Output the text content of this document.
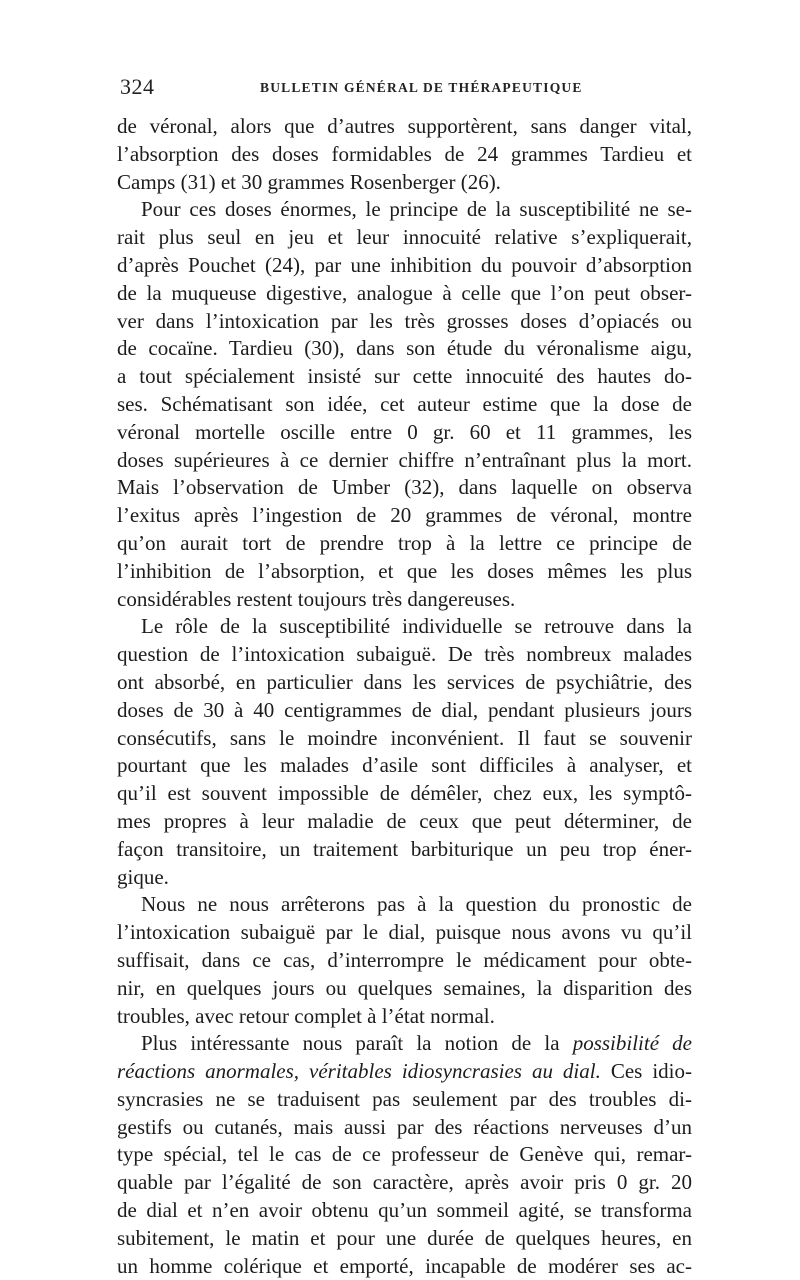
324	BULLETIN GÉNÉRAL DE THÉRAPEUTIQUE
de véronal, alors que d’autres supportèrent, sans danger vital,
l’absorption des doses formidables de 24 grammes Tardieu et
Camps (31) et 30 grammes Rosenberger (26).
Pour ces doses énormes, le principe de la susceptibilité ne se-
rait plus seul en jeu et leur innocuité relative s’expliquerait,
d’après Pouchet (24), par une inhibition du pouvoir d’absorption
de la muqueuse digestive, analogue à celle que l’on peut obser-
ver dans l’intoxication par les très grosses doses d’opiacés ou
de cocaïne. Tardieu (30), dans son étude du véronalisme aigu,
a tout spécialement insisté sur cette innocuité des hautes do-
ses. Schématisant son idée, cet auteur estime que la dose de
véronal mortelle oscille entre 0 gr. 60 et 11 grammes, les
doses supérieures à ce dernier chiffre n’entraînant plus la mort.
Mais l’observation de Umber (32), dans laquelle on observa
l’exitus après l’ingestion de 20 grammes de véronal, montre
qu’on aurait tort de prendre trop à la lettre ce principe de
l’inhibition de l’absorption, et que les doses mêmes les plus
considérables restent toujours très dangereuses.
Le rôle de la susceptibilité individuelle se retrouve dans la
question de l’intoxication subaiguë. De très nombreux malades
ont absorbé, en particulier dans les services de psychiâtrie, des
doses de 30 à 40 centigrammes de dial, pendant plusieurs jours
consécutifs, sans le moindre inconvénient. Il faut se souvenir
pourtant que les malades d’asile sont difficiles à analyser, et
qu’il est souvent impossible de démêler, chez eux, les symptô-
mes propres à leur maladie de ceux que peut déterminer, de
façon transitoire, un traitement barbiturique un peu trop éner-
gique.
Nous ne nous arrêterons pas à la question du pronostic de
l’intoxication subaiguë par le dial, puisque nous avons vu qu’il
suffisait, dans ce cas, d’interrompre le médicament pour obte-
nir, en quelques jours ou quelques semaines, la disparition des
troubles, avec retour complet à l’état normal.
Plus intéressante nous paraît la notion de la possibilité de
réactions anormales, véritables idiosyncrasies au dial. Ces idio-
syncrasies ne se traduisent pas seulement par des troubles di-
gestifs ou cutanés, mais aussi par des réactions nerveuses d’un
type spécial, tel le cas de ce professeur de Genève qui, remar-
quable par l’égalité de son caractère, après avoir pris 0 gr. 20
de dial et n’en avoir obtenu qu’un sommeil agité, se transforma
subitement, le matin et pour une durée de quelques heures, en
un homme colérique et emporté, incapable de modérer ses ac-
